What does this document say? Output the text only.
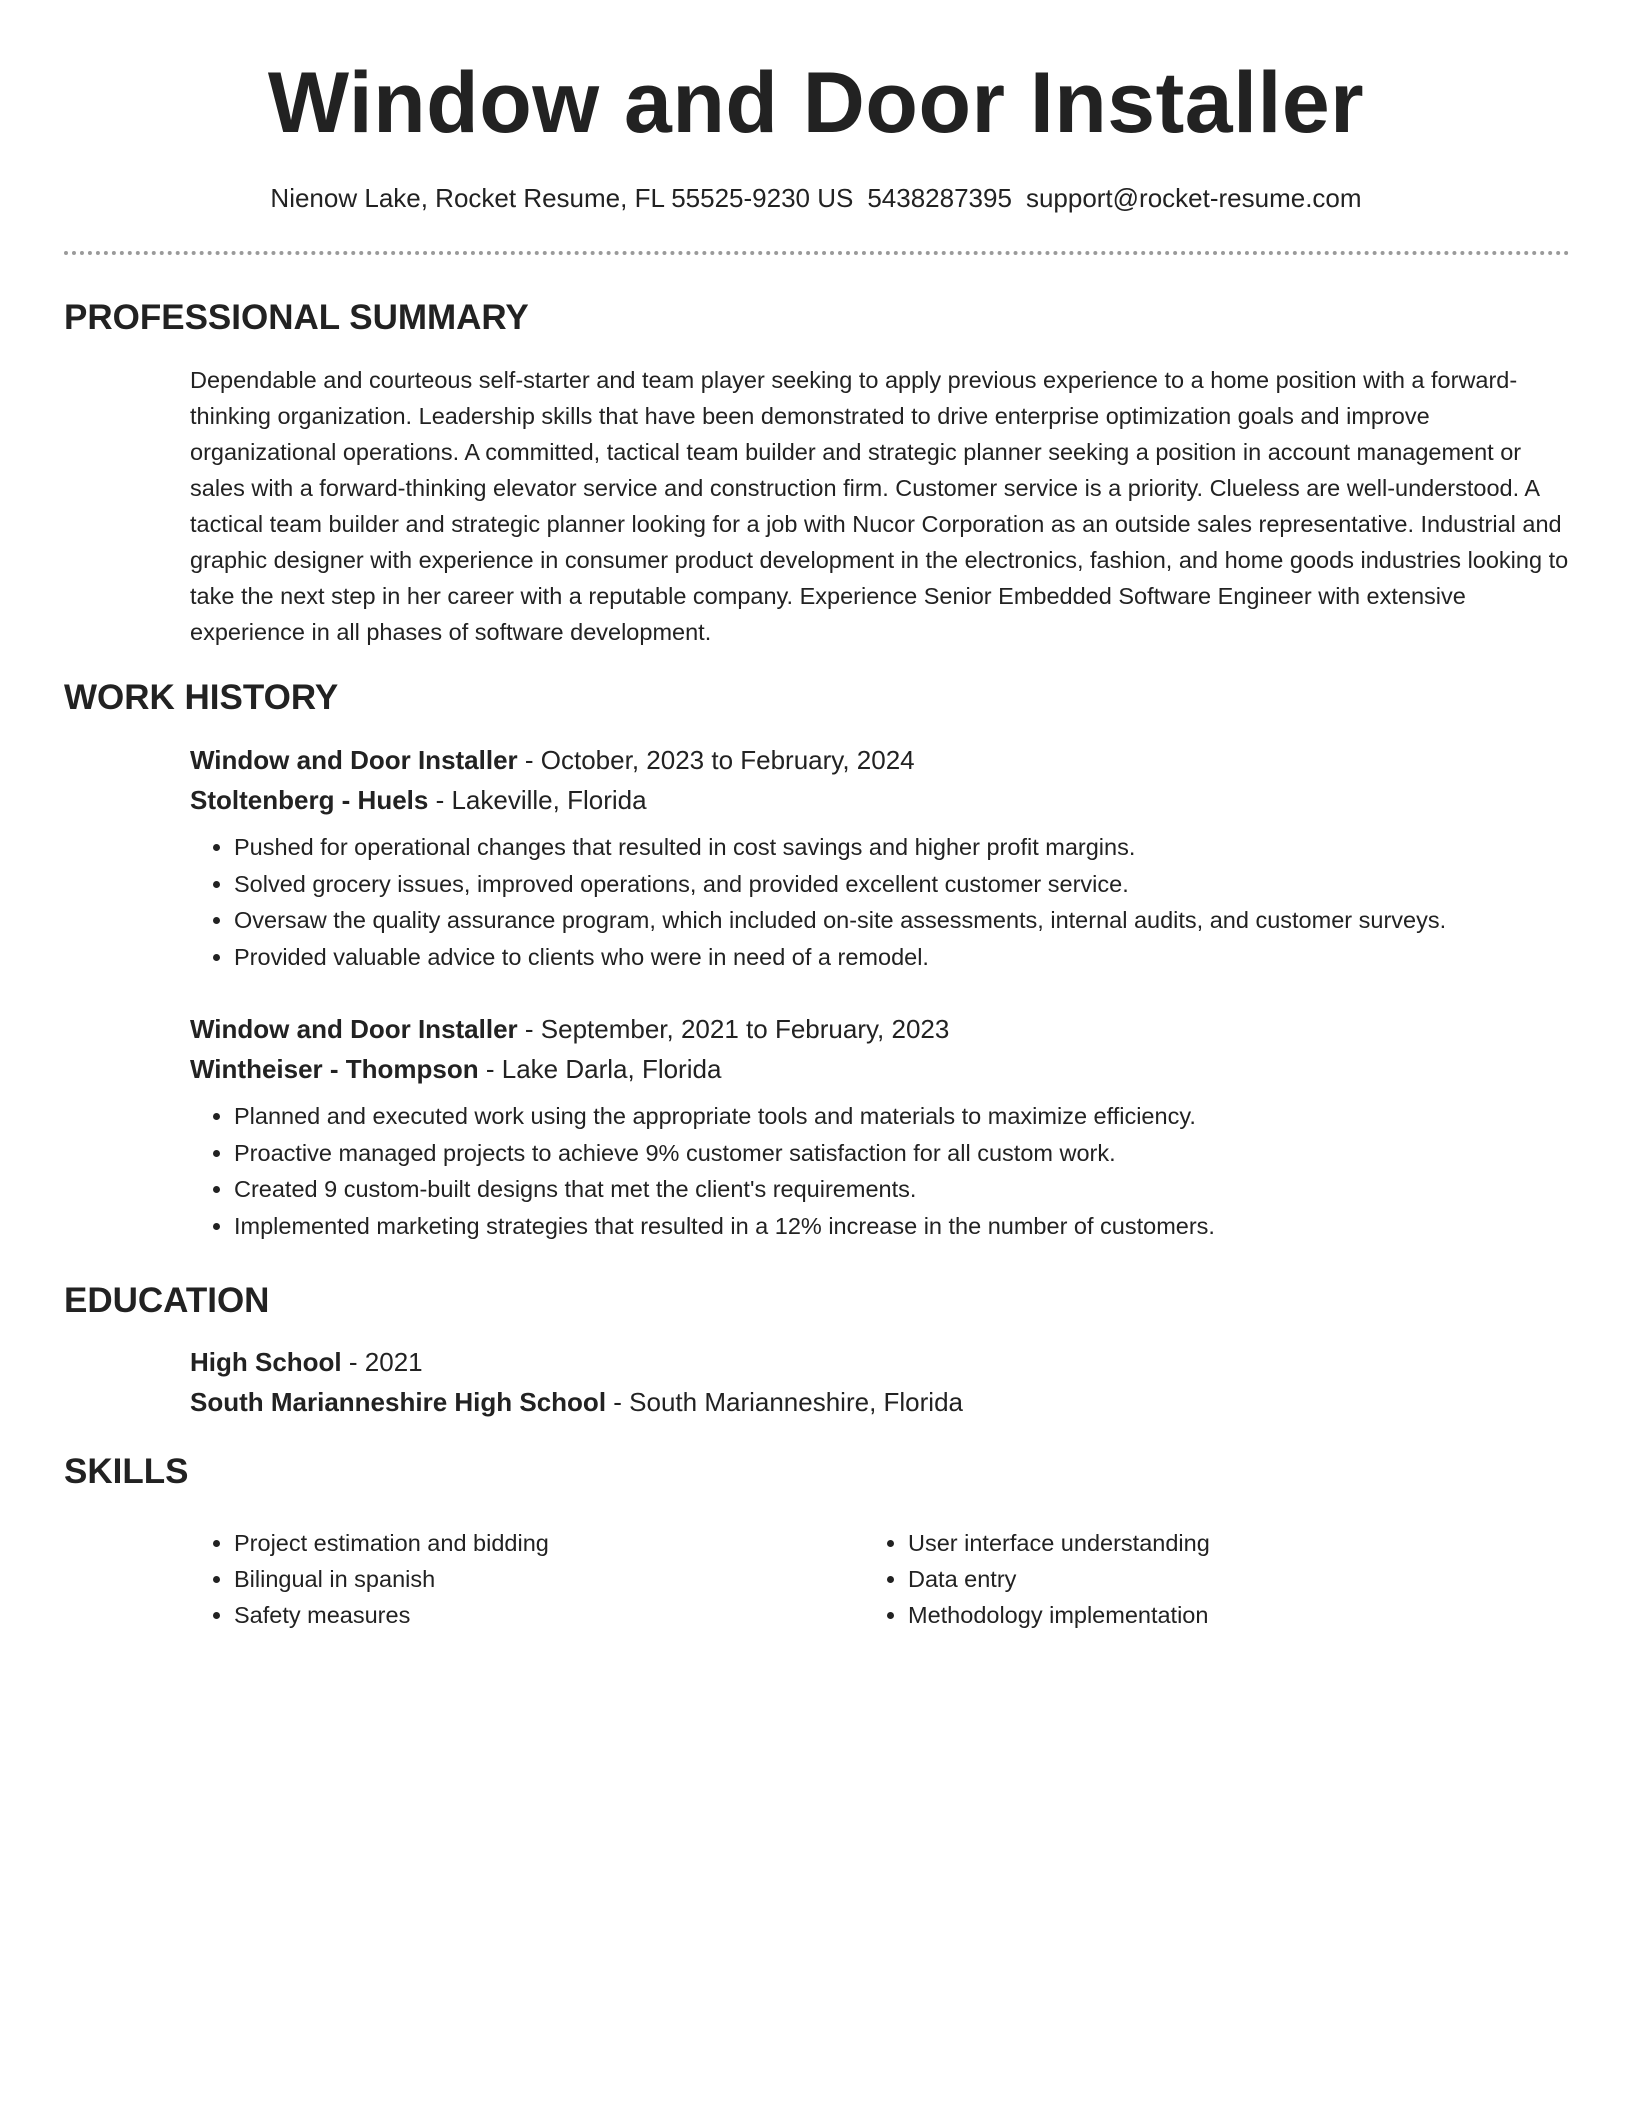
Window and Door Installer
Nienow Lake, Rocket Resume, FL 55525-9230 US 5438287395 support@rocket-resume.com
PROFESSIONAL SUMMARY

Dependable and courteous self-starter and team player seeking to apply previous experience to a home position with a forward-thinking organization. Leadership skills that have been demonstrated to drive enterprise optimization goals and improve organizational operations. A committed, tactical team builder and strategic planner seeking a position in account management or sales with a forward-thinking elevator service and construction firm. Customer service is a priority. Clueless are well-understood. A tactical team builder and strategic planner looking for a job with Nucor Corporation as an outside sales representative. Industrial and graphic designer with experience in consumer product development in the electronics, fashion, and home goods industries looking to take the next step in her career with a reputable company. Experience Senior Embedded Software Engineer with extensive experience in all phases of software development.

WORK HISTORY

Window and Door Installer - October, 2023 to February, 2024

Stoltenberg - Huels - Lakeville, Florida

• Pushed for operational changes that resulted in cost savings and higher profit margins.
• Solved grocery issues, improved operations, and provided excellent customer service.
• Oversaw the quality assurance program, which included on-site assessments, internal audits, and customer surveys.
• Provided valuable advice to clients who were in need of a remodel.

Window and Door Installer - September, 2021 to February, 2023

Wintheiser - Thompson - Lake Darla, Florida

• Planned and executed work using the appropriate tools and materials to maximize efficiency.
• Proactive managed projects to achieve 9% customer satisfaction for all custom work.
• Created 9 custom-built designs that met the client's requirements.
• Implemented marketing strategies that resulted in a 12% increase in the number of customers.
EDUCATION

High School - 2021

South Marianneshire High School - South Marianneshire, Florida

SKILLS
• Project estimation and bidding
• Bilingual in spanish
• Safety measures
• User interface understanding
• Data entry
• Methodology implementation
